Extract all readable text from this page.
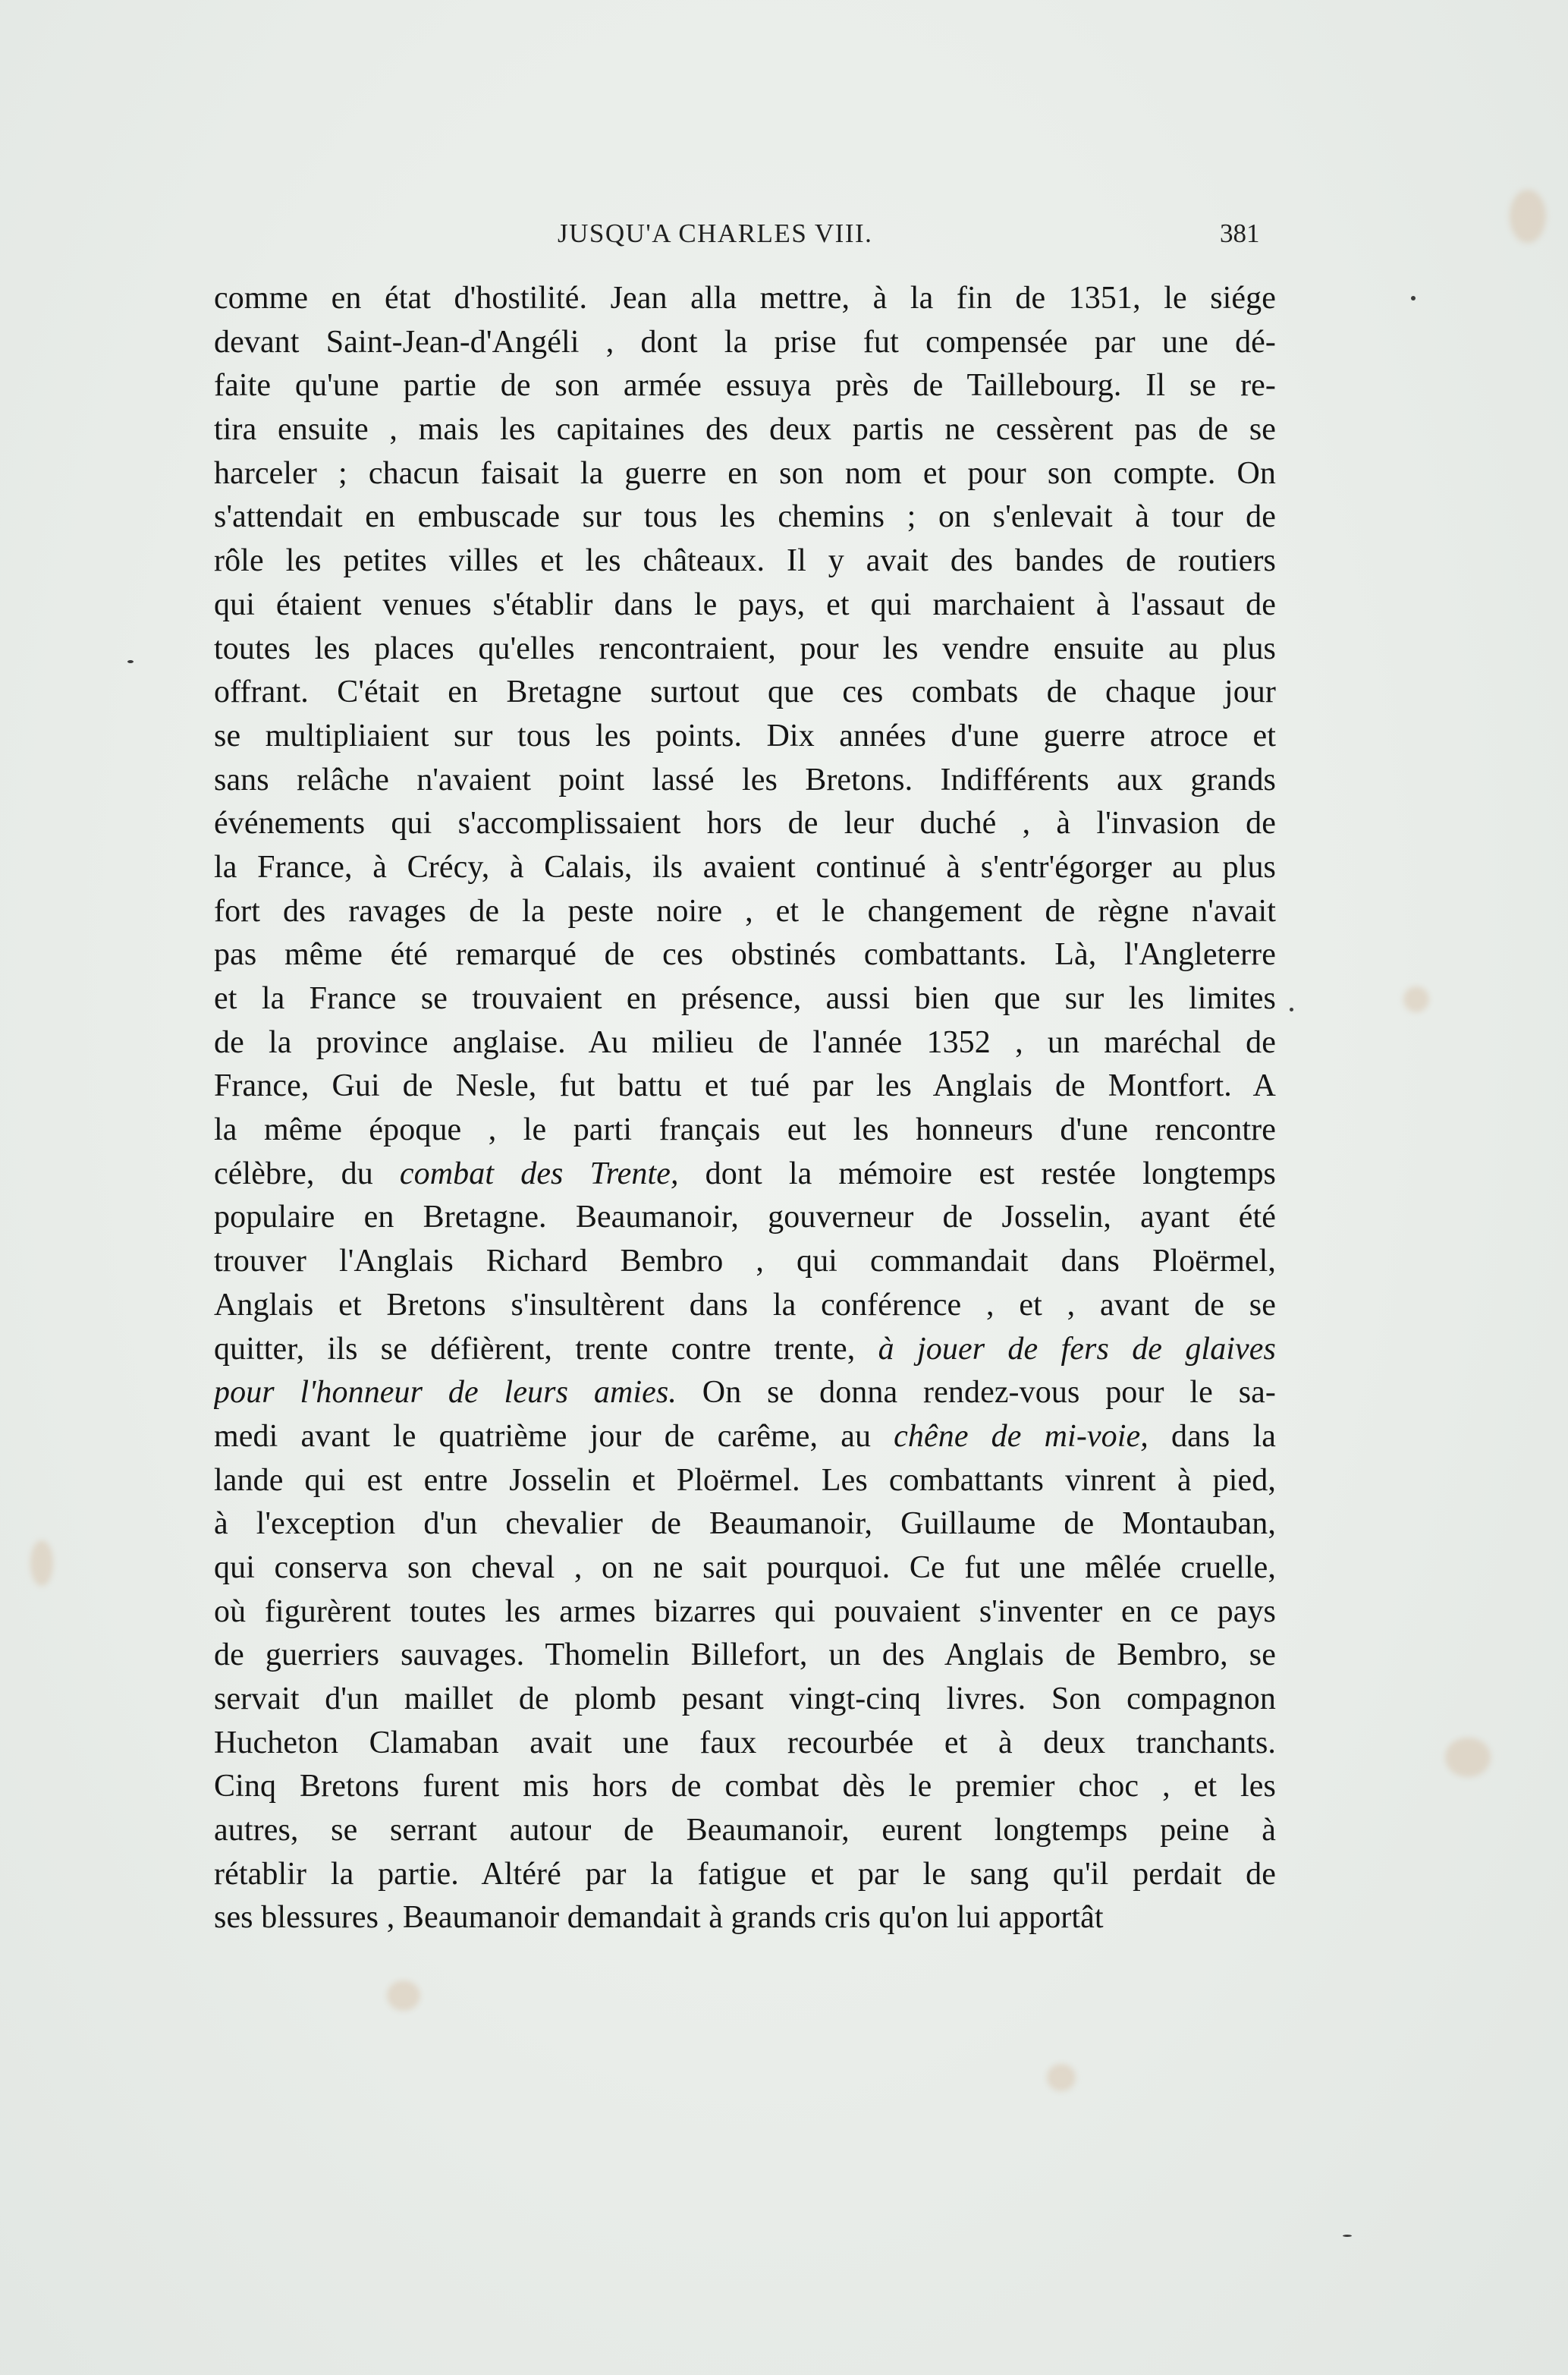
JUSQU'A CHARLES VIII.	381
comme en état d'hostilité. Jean alla mettre, à la fin de 1351, le siége
devant Saint-Jean-d'Angéli , dont la prise fut compensée par une dé-
faite qu'une partie de son armée essuya près de Taillebourg. Il se re-
tira ensuite , mais les capitaines des deux partis ne cessèrent pas de se
harceler ; chacun faisait la guerre en son nom et pour son compte. On
s'attendait en embuscade sur tous les chemins ; on s'enlevait à tour de
rôle les petites villes et les châteaux. Il y avait des bandes de routiers
qui étaient venues s'établir dans le pays, et qui marchaient à l'assaut de
toutes les places qu'elles rencontraient, pour les vendre ensuite au plus
offrant. C'était en Bretagne surtout que ces combats de chaque jour
se multipliaient sur tous les points. Dix années d'une guerre atroce et
sans relâche n'avaient point lassé les Bretons. Indifférents aux grands
événements qui s'accomplissaient hors de leur duché , à l'invasion de
la France, à Crécy, à Calais, ils avaient continué à s'entr'égorger au plus
fort des ravages de la peste noire , et le changement de règne n'avait
pas même été remarqué de ces obstinés combattants. Là, l'Angleterre
et la France se trouvaient en présence, aussi bien que sur les limites
de la province anglaise. Au milieu de l'année 1352 , un maréchal de
France, Gui de Nesle, fut battu et tué par les Anglais de Montfort. A
la même époque , le parti français eut les honneurs d'une rencontre
célèbre, du combat des Trente, dont la mémoire est restée longtemps
populaire en Bretagne. Beaumanoir, gouverneur de Josselin, ayant été
trouver l'Anglais Richard Bembro , qui commandait dans Ploërmel,
Anglais et Bretons s'insultèrent dans la conférence , et , avant de se
quitter, ils se défièrent, trente contre trente, à jouer de fers de glaives
pour l'honneur de leurs amies. On se donna rendez-vous pour le sa-
medi avant le quatrième jour de carême, au chêne de mi-voie, dans la
lande qui est entre Josselin et Ploërmel. Les combattants vinrent à pied,
à l'exception d'un chevalier de Beaumanoir, Guillaume de Montauban,
qui conserva son cheval , on ne sait pourquoi. Ce fut une mêlée cruelle,
où figurèrent toutes les armes bizarres qui pouvaient s'inventer en ce pays
de guerriers sauvages. Thomelin Billefort, un des Anglais de Bembro, se
servait d'un maillet de plomb pesant vingt-cinq livres. Son compagnon
Hucheton Clamaban avait une faux recourbée et à deux tranchants.
Cinq Bretons furent mis hors de combat dès le premier choc , et les
autres, se serrant autour de Beaumanoir, eurent longtemps peine à
rétablir la partie. Altéré par la fatigue et par le sang qu'il perdait de
ses blessures , Beaumanoir demandait à grands cris qu'on lui apportât
